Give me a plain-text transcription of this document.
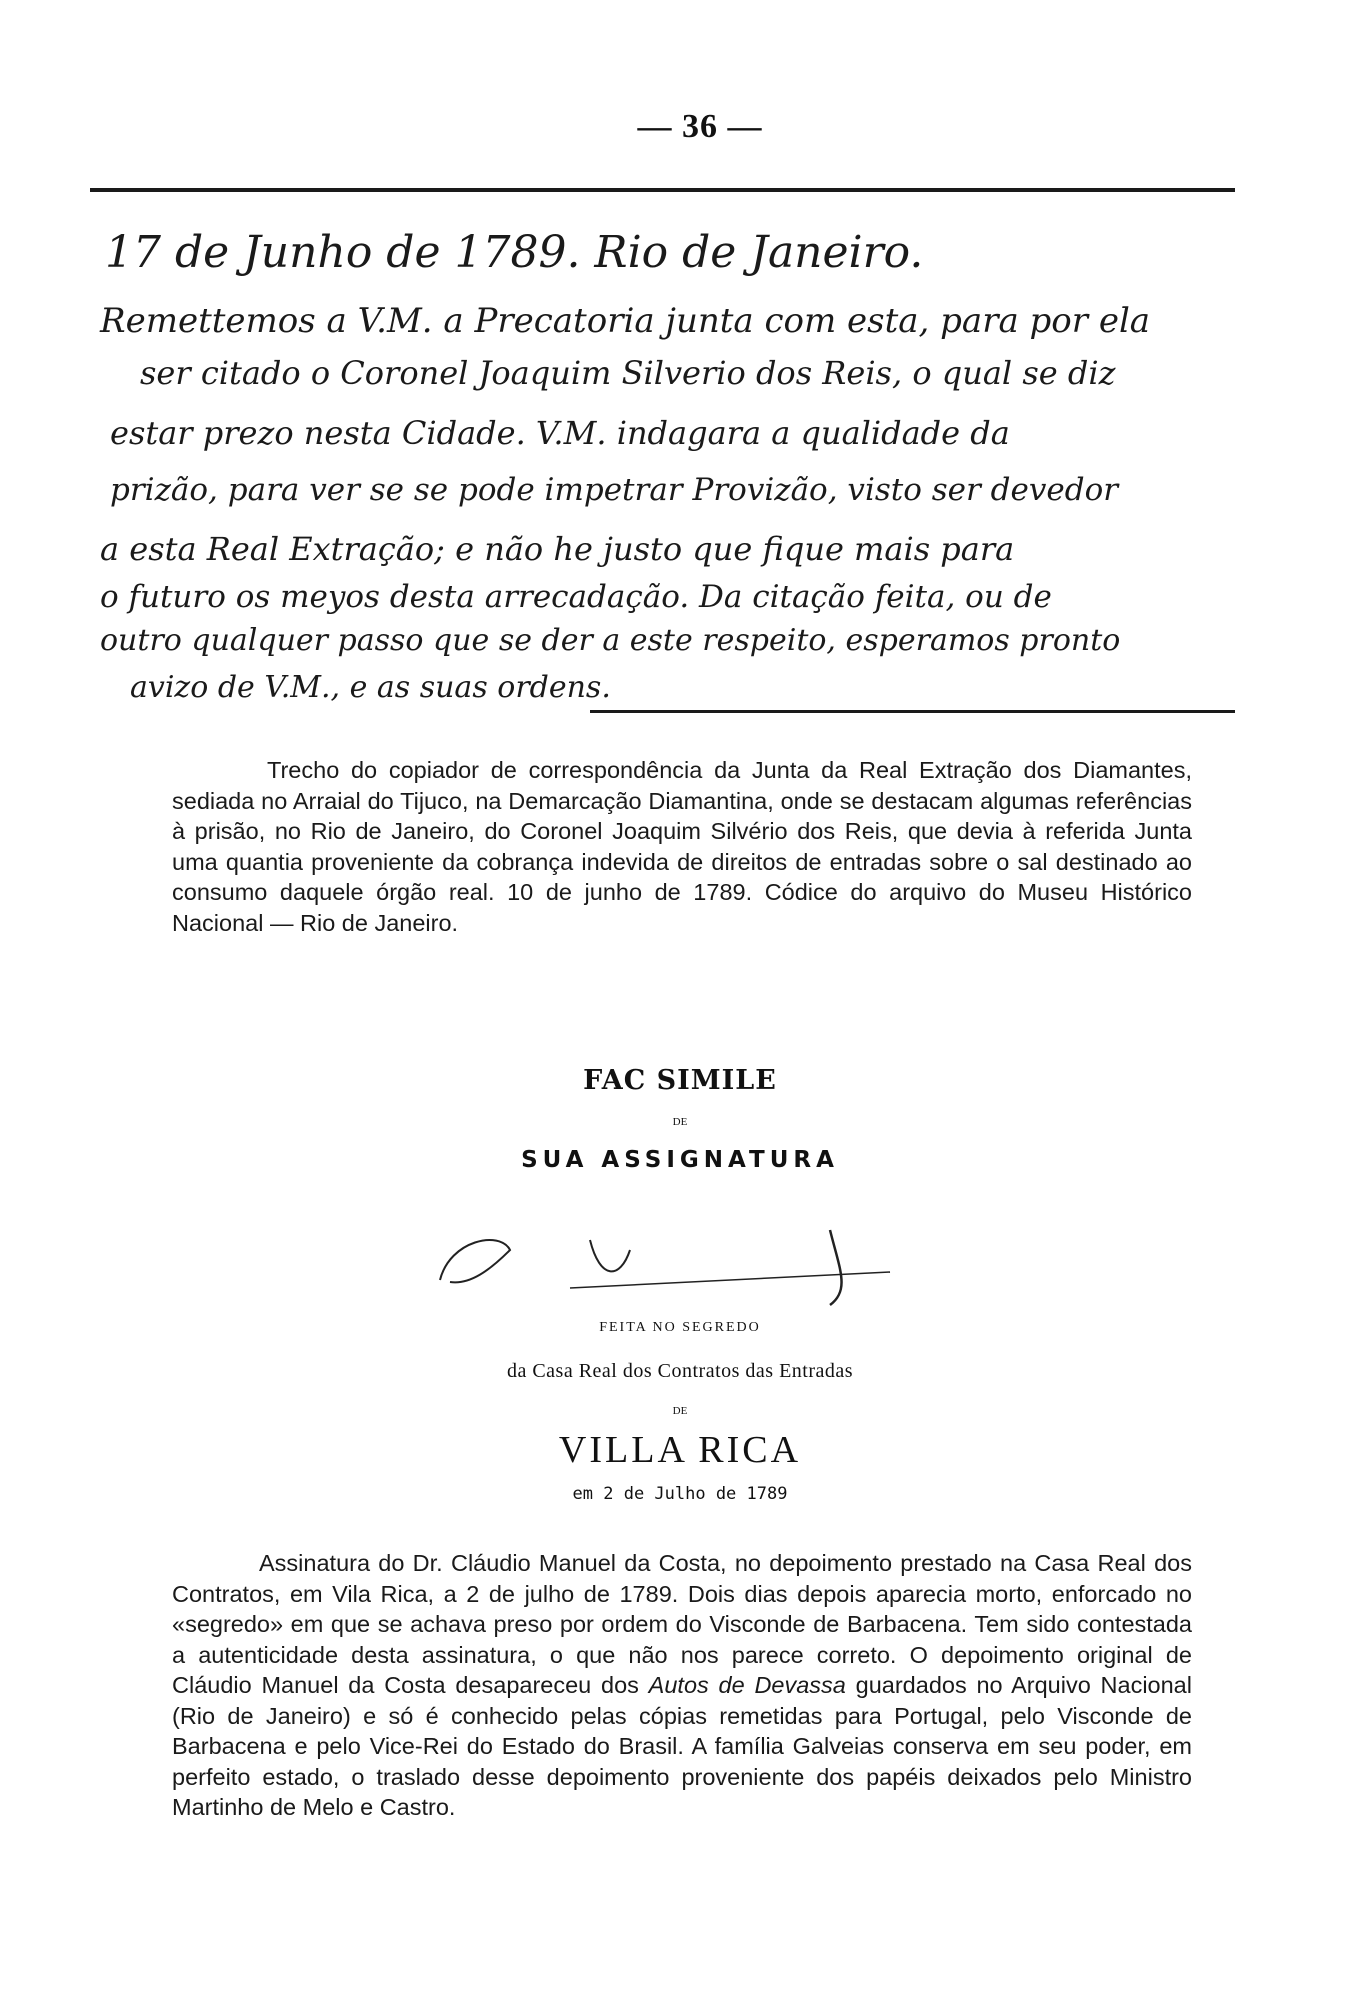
— 36 —
17 de Junho de 1789. Rio de Janeiro.
Remettemos a V.M. a Precatoria junta com esta, para por ela
ser citado o Coronel Joaquim Silverio dos Reis, o qual se diz
estar prezo nesta Cidade. V.M. indagara a qualidade da
prizão, para ver se se pode impetrar Provizão, visto ser devedor
a esta Real Extração; e não he justo que fique mais para
o futuro os meyos desta arrecadação. Da citação feita, ou de
outro qualquer passo que se der a este respeito, esperamos pronto
avizo de V.M., e as suas ordens.
Trecho do copiador de correspondência da Junta da Real Extração dos Diamantes, sediada no Arraial do Tijuco, na Demarcação Diamantina, onde se destacam algumas referências à prisão, no Rio de Janeiro, do Coronel Joaquim Silvério dos Reis, que devia à referida Junta uma quantia proveniente da cobrança indevida de direitos de entradas sobre o sal destinado ao consumo daquele órgão real. 10 de junho de 1789. Códice do arquivo do Museu Histórico Nacional — Rio de Janeiro.
FAC SIMILE
DE
SUA ASSIGNATURA
FEITA NO SEGREDO
da Casa Real dos Contratos das Entradas
DE
VILLA RICA
em 2 de Julho de 1789
Assinatura do Dr. Cláudio Manuel da Costa, no depoimento prestado na Casa Real dos Contratos, em Vila Rica, a 2 de julho de 1789. Dois dias depois aparecia morto, enforcado no «segredo» em que se achava preso por ordem do Visconde de Barbacena. Tem sido contestada a autenticidade desta assinatura, o que não nos parece correto. O depoimento original de Cláudio Manuel da Costa desapareceu dos Autos de Devassa guardados no Arquivo Nacional (Rio de Janeiro) e só é conhecido pelas cópias remetidas para Portugal, pelo Visconde de Barbacena e pelo Vice-Rei do Estado do Brasil. A família Galveias conserva em seu poder, em perfeito estado, o traslado desse depoimento proveniente dos papéis deixados pelo Ministro Martinho de Melo e Castro.
